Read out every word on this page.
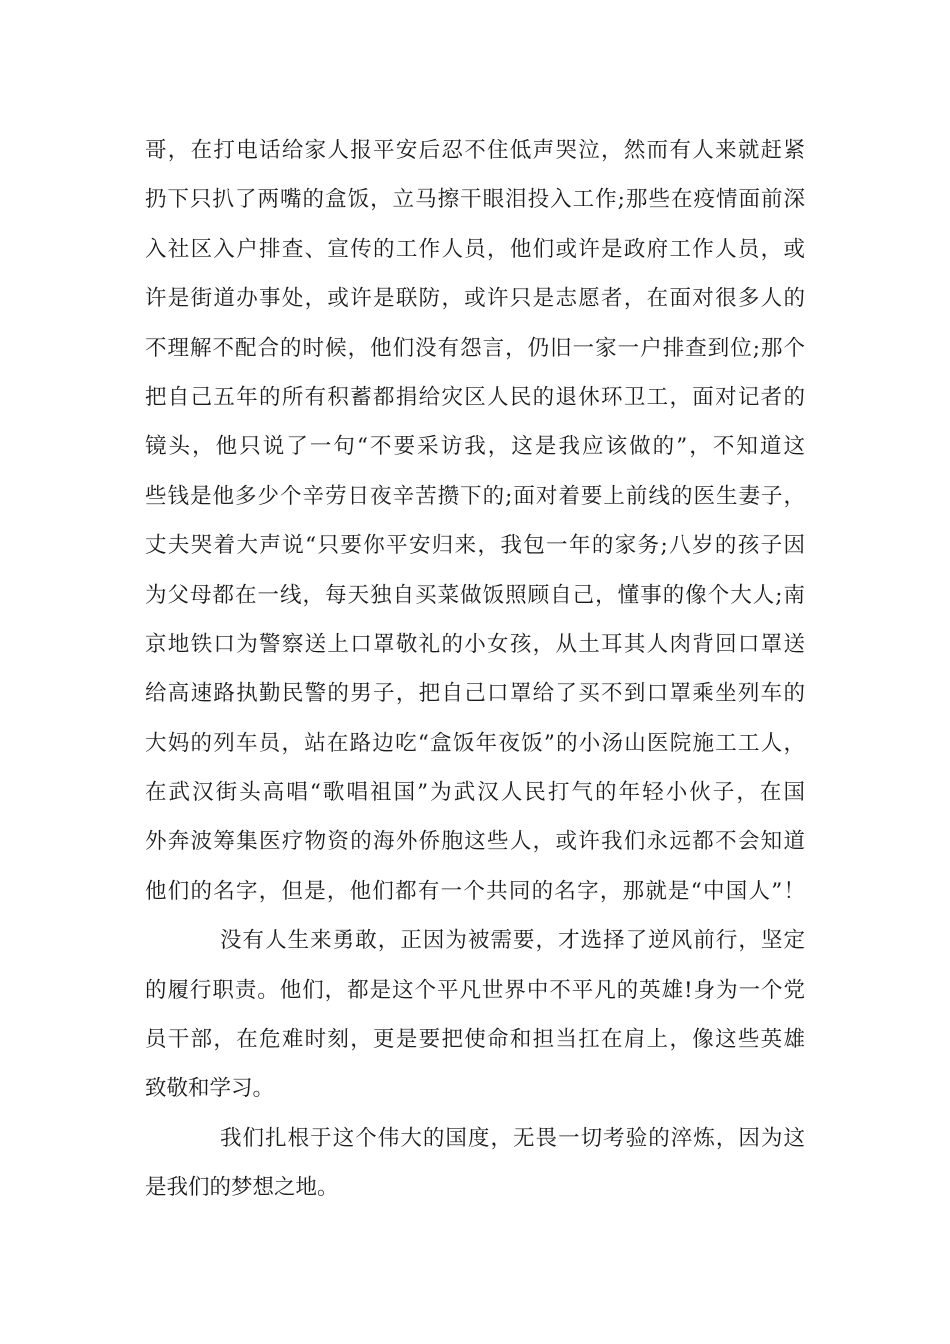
哥，在打电话给家人报平安后忍不住低声哭泣，然而有人来就赶紧
扔下只扒了两嘴的盒饭，立马擦干眼泪投入工作;那些在疫情面前深
入社区入户排查、宣传的工作人员，他们或许是政府工作人员，或
许是街道办事处，或许是联防，或许只是志愿者，在面对很多人的
不理解不配合的时候，他们没有怨言，仍旧一家一户排查到位;那个
把自己五年的所有积蓄都捐给灾区人民的退休环卫工，面对记者的
镜头，他只说了一句“不要采访我，这是我应该做的”，不知道这
些钱是他多少个辛劳日夜辛苦攒下的;面对着要上前线的医生妻子，
丈夫哭着大声说“只要你平安归来，我包一年的家务;八岁的孩子因
为父母都在一线，每天独自买菜做饭照顾自己，懂事的像个大人;南
京地铁口为警察送上口罩敬礼的小女孩，从土耳其人肉背回口罩送
给高速路执勤民警的男子，把自己口罩给了买不到口罩乘坐列车的
大妈的列车员，站在路边吃“盒饭年夜饭”的小汤山医院施工工人，
在武汉街头高唱“歌唱祖国”为武汉人民打气的年轻小伙子，在国
外奔波筹集医疗物资的海外侨胞这些人，或许我们永远都不会知道
他们的名字，但是，他们都有一个共同的名字，那就是“中国人”！
没有人生来勇敢，正因为被需要，才选择了逆风前行，坚定
的履行职责。他们，都是这个平凡世界中不平凡的英雄!身为一个党
员干部，在危难时刻，更是要把使命和担当扛在肩上，像这些英雄
致敬和学习。
我们扎根于这个伟大的国度，无畏一切考验的淬炼，因为这
是我们的梦想之地。
